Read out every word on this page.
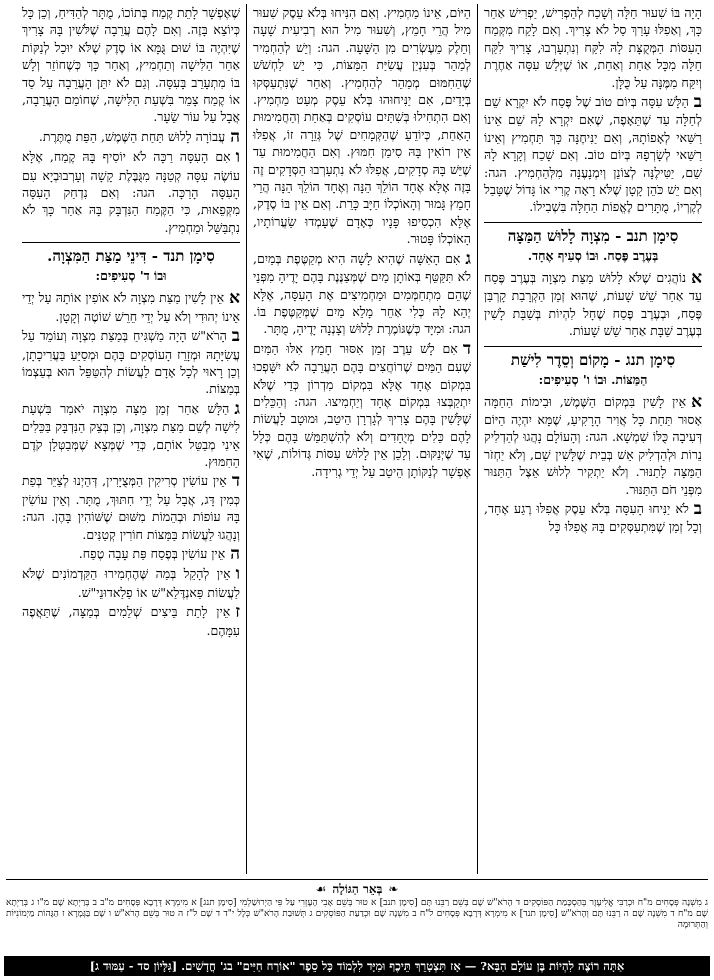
הָיָה בּוֹ שִׁעוּר חַלָּה וְשָׁכַח לְהַפְרִישׁ, יַפְרִישׁ אַחַר כָּךְ, וְאַפִלּוּ עָרַךְ סַל לֹא צָרִיךְ. וְאִם לָקַח מִקְּמַח הָעִסּוֹת הַמְּקֻצָּת לָהּ לִקַּח וְנִתְעָרְבוּ, צָרִיךְ לִקַּח חַלָּה מִכָּל אַחַת וְאַחַת, אוֹ שֶׁיְּלַשׁ עִסָּה אַחֶרֶת וְיִקַּח מִמֶּנָּה עַל כֻּלָּן.

בהַלָּשׁ עִסָּה בְּיוֹם טוֹב שֶׁל פֶּסַח לֹא יִקְרָא שֵׁם לְחַלָּה עַד שֶׁתֵּאָפֶה, שֶׁאִם יִקְרָא לָהּ שֵׁם אֵינוֹ רַשַּׁאי לְאָפוֹתָהּ, וְאִם יַנִּיחֶנָּה כָּךְ תַּחְמִיץ וְאֵינוֹ רַשַּׁאי לְשָׂרְפָהּ בְּיוֹם טוֹב. וְאִם שָׁכַח וְקָרָא לָהּ שֵׁם, יַטִּילֶנָּה לְצוֹנֵן וְיִמְנָעֶנָּה מִלְּהַחְמִיץ. הגה: וְאִם יֵשׁ כֹּהֵן קָטָן שֶׁלֹּא רָאָה קֶרִי אוֹ גָּדוֹל שֶׁטָּבַל לְקֶרְיוֹ, מֻתָּרִים לֶאֱפוֹת הַחַלָּה בִּשְׁבִילוֹ.

סִימָן תנב - מִצְוָה לָלוּשׁ הַמַּצָּה
בְּעֶרֶב פֶּסַח. וּבוֹ סְעִיף אֶחָד.

אנוֹהֲגִים שֶׁלֹּא לָלוּשׁ מַצַּת מִצְוָה בְּעֶרֶב פֶּסַח עַד אַחַר שֵׁשׁ שָׁעוֹת, שֶׁהוּא זְמַן הַקְרָבַת קָרְבַּן פֶּסַח, וּבְעֶרֶב פֶּסַח שֶׁחָל לִהְיוֹת בְּשַׁבָּת לָשִׁין בְּעֶרֶב שַׁבָּת אַחַר שֵׁשׁ שָׁעוֹת.

סִימָן תנג - מָקוֹם וְסֵדֶר לִישַׁת
הַמַּצּוֹת. וּבוֹ ו' סְעִיפִים:

אאֵין לָשִׁין בִּמְקוֹם הַשֶּׁמֶשׁ, וּבִימוֹת הַחַמָּה אָסוּר תַּחַת כָּל אֲוִיר הָרָקִיעַ, שֶׁמָּא יִהְיֶה הַיּוֹם דְּעִיבָה כֻּלּוֹ שִׁמְשָׁא. הגה: וְהָעוֹלָם נָהֲגוּ לְהַדְלִיק נֵרוֹת וּלְהַדְלִיק אֵשׁ בְּבֵית שֶׁלָּשִׁין שָׁם, וְלֹא יַחְזֹר הַמַּצָּה לָתַנּוּר. וְלֹא יַתְקִיר לְלוּשׁ אֵצֶל הַתַּנּוּר מִפְּנֵי חֹם הַתַּנּוּר.

בלֹא יַנִּיחוּ הָעִסָּה בְּלֹא עֵסֶק אֲפִלּוּ רֶגַע אֶחָד, וְכָל זְמַן שֶׁמִּתְעַסְּקִים בָּהּ אֲפִלּוּ כָּל

הַיּוֹם, אֵינוֹ מַחְמִיץ. וְאִם הִנִּיחוּ בְּלֹא עֵסֶק שִׁעוּר מִיל הֲרֵי חָמֵץ, וְשִׁעוּר מִיל הוּא רְבִיעִית שָׁעָה וְחֵלֶק מֵעֶשְׂרִים מִן הַשָּׁעָה. הגה: וְיֵשׁ לְהַחְמִיר לְמַהֵר בְּעִנְיַן עֲשִׂיַּת הַמַּצּוֹת, כִּי יֵשׁ לַחְשֹׁשׁ שֶׁהַחִמּוּם מְמַהֵר לְהַחְמִיץ. וְאַחַר שֶׁנִּתְעַסְּקוּ בְּיָדַיִם, אִם יַנִּיחוּהוּ בְּלֹא עֵסֶק מְעַט מַחְמִיץ. וְאִם הִתְחִילוּ בְּשִׁתַּיִם עוֹסְקִים בְּאַחַת וְהַחֲמִימוּת הָאַחַת, כְּיוֹדֵעַ שֶׁהַקְּמָחִים שֶׁל גְּזֵרָה זוֹ, אֲפִלּוּ אֵין רוֹאִין בָּהּ סִימַן חִמּוּץ. וְאִם הַחֲמִימוּת עַד שֶׁיֵּשׁ בָּהּ סְדָקִים, אֲפִלּוּ לֹא נִתְעָרְבוּ הַסְּדָקִים זֶה בָּזֶה אֶלָּא אֶחָד הוֹלֵךְ הֵנָּה וְאֶחָד הוֹלֵךְ הֵנָּה הֲרֵי חָמֵץ גָּמוּר וְהָאוֹכְלוֹ חַיָּב כָּרֵת. וְאִם אֵין בּוֹ סֶדֶק, אֶלָּא הִכְסִיפוּ פָּנָיו כְּאָדָם שֶׁעָמְדוּ שַׂעֲרוֹתָיו, הָאוֹכְלוֹ פָּטוּר.

גאִם הָאִשָּׁה שֶׁהִיא לָשָׁה הִיא מְקַטֶּפֶת בְּמַיִם, לֹא תִּקַּטֵּף בְּאוֹתָן מַיִם שֶׁמְּצַנֶּנֶת בָּהֶם יָדֶיהָ מִפְּנֵי שֶׁהֵם מִתְחַמְּמִים וּמַחְמִיצִים אֶת הָעִסָּה, אֶלָּא יְהֵא לָהּ כְּלִי אַחֵר מָלֵא מַיִם שֶׁמְּקַטֶּפֶת בּוֹ. הגה: וּמִיָּד כְּשֶׁגּוֹמֶרֶת לָלוּשׁ וְצָנְנָה יָדֶיהָ, מֻתָּר.

דאִם לָשׁ עֵרֶב זְמַן אִסּוּר חָמֵץ אִלּוּ הַמַּיִם שֶׁעִם הַמַּיִם שֶׁרוֹחֲצִים בָּהֶם הָעֲרֵבָה לֹא יִשָּׁפְכוּ בִּמְקוֹם אֶחָד אֶלָּא בִּמְקוֹם מִדְרוֹן כְּדֵי שֶׁלֹּא יִתְקַבְּצוּ בִּמְקוֹם אֶחָד וְיַחְמִיצוּ. הגה: וְהַכֵּלִים שֶׁלָּשִׁין בָּהֶם צָרִיךְ לְגָרְרָן הֵיטֵב, וּמוּטָב לָעֲשׂוֹת לָהֶם כֵּלִים מְיֻחָדִים וְלֹא לְהִשְׁתַּמֵּשׁ בָּהֶם כְּלָל עַד שֶׁיְּנַקּוּם. וְלָכֵן אֵין לָלוּשׁ עִסּוֹת גְּדוֹלוֹת, שֶׁאִי אֶפְשָׁר לְנַקּוֹתָן הֵיטֵב עַל יְדֵי גְרִידָה.

שֶׁאֶפְשָׁר לָתֵת קֶמַח בְּתוֹכוֹ, מֻתָּר לְהַדִּיחַ, וְכֵן כָּל כְּיוֹצֵא בָּזֶה. וְאִם לָהֶם עֲרֵבָה שֶׁלֹּשִׁין בָּהּ צָרִיךְ שֶׁיִּהְיֶה בּוֹ שׁוּם גֻּמָּא אוֹ סֶדֶק שֶׁלֹּא יוּכַל לְנַקּוֹת אַחַר הַלִּישָׁה וְתַחְמִיץ, וְאַחַר כָּךְ כְּשֶׁחוֹזֵר וְלָשׁ בּוֹ מִתְעָרֵב בָּעִסָּה. וְגַם לֹא יִתֵּן הָעֲרֵבָה עַל סַד אוֹ קֶמַח צָמֵר בִּשְׁעַת הַלִּישָׁה, שֶׁחוֹמֵם הָעֲרֵבָה, אֲבָל עַל עוֹר שֵׂעָר.

העֲבוֹרָה לָלוּשׁ תַּחַת הַשֶּׁמֶשׁ, הַפַּת מֻתֶּרֶת.

ואִם הָעִסָּה רַכָּה לֹא יוֹסִיף בָּהּ קֶמַח, אֶלָּא עוֹשֶׂה עִסָּה קְטַנָּה מִגֻּבֶּלֶת קָשָׁה וְעָרְבוּבְיָא עִם הָעִסָּה הָרַכָּה. הגה: וְאִם נִדְחַק הָעִסָּה מִקְּפֵאוּת, כִּי הַקֶּמַח הַנִּדְבָּק בָּהּ אַחַר כָּךְ לֹא נִתְבַּשֵּׁל וּמַחְמִיץ.

סִימָן תנד - דִּינֵי מַצַּת הַמִּצְוָה.
וּבוֹ ד' סְעִיפִים:

אאֵין לָשִׁין מַצַּת מִצְוָה לֹא אוֹפִין אוֹתָהּ עַל יְדֵי אֵינוֹ יְהוּדִי וְלֹא עַל יְדֵי חֵרֵשׁ שׁוֹטֶה וְקָטָן.

בהָרֹא"שׁ הָיָה מַשְׁגִּיחַ בְּמַצַּת מִצְוָה וְעוֹמֵד עַל עֲשִׂיָּתָהּ וּמְזָרֵז הָעוֹסְקִים בָּהֶם וּמְסַיֵּעַ בַּעֲרִיכָתָן, וְכֵן רָאוּי לְכָל אָדָם לַעֲשׂוֹת לְהִטַּפֵּל הוּא בְּעַצְמוֹ בְּמַצּוֹת.

גהַלָּשׁ אַחַר זְמַן מַצָּה מִצְוָה יֹאמַר בִּשְׁעַת לִישָׁה לְשֵׁם מַצַּת מִצְוָה, וְכֵן בְּצֵק הַנִּדְבָּק בַּכֵּלִים אֵינִי מְבַטֵּל אוֹתָם, כְּדֵי שֶׁמְּצָא שֶׁמְּבַטְּלָן קֹדֶם הַחִמּוּץ.

דאֵין עוֹשִׂין סְרִיקִין הַמְּצֻיָּרִין, דְּהַיְנוּ לְצַיֵּר בְּפַת כְּמִין דָּג, אֲבָל עַל יְדֵי חִתּוּךְ, מֻתָּר. וְאֵין עוֹשִׂין בָּהּ עוֹפוֹת וּבְהֵמוֹת מִשּׁוּם שֶׁשּׁוֹהִין בָּהֶן. הגה: וְנָהֲגוּ לַעֲשׂוֹת בַּמַּצּוֹת חוֹרִין קְטַנִּים.

האֵין עוֹשִׂין בְּפֶסַח פַּת עָבָה טֶפַח.

ואֵין לְהָקֵל בְּמַה שֶּׁהֶחְמִירוּ הַקַּדְמוֹנִים שֶׁלֹּא לַעֲשׂוֹת פַּאנְדֶּלַא"שׁ אוֹ פַלַאדוּנֵי"שׁ.

זאֵין לָתֵת בֵּיצִים שְׁלֵמִים בְּמַצָּה, שֶׁתַּאֲפֶה עִמָּהֶם.

❧בְּאֵר הַגּוֹלָה☙
ג מִשְׁנָה פְּסָחִים מ"ח וּכְרַבִּי אֱלִיעֶזֶר בְּהַסְכָּמַת הַפּוֹסְקִים ד הָרֹא"שׁ שָׁם בְּשֵׁם רַבֵּנוּ תָּם [סִימָן תנב] א טוּר בְּשֵׁם אָבִי הָעֶזְרִי עַל פִּי הַיְרוּשַׁלְמִי [סִימָן תנג] א מִימְרָא דְּרָבָא פְּסָחִים מ"ב ב בְּרַיְתָא שָׁם מ"ו ג בְּרַיְתָא שָׁם מ"ח ד מִשְׁנָה שָׁם ה רַבֵּנוּ תָּם וְהָרֹא"שׁ [סִימָן תנד] א מִימְרָא דְּרָבָא פְּסָחִים ל"ח ב מִשְׁנָה שָׁם וּכְדַעַת הַפּוֹסְקִים ג תְּשׁוּבַת הָרֹא"שׁ כְּלָל י"ד ד שָׁם ל"ז ה טוּר בְּשֵׁם הָרֹא"שׁ ו שָׁם בַּגְּמָרָא ז הַגָּהוֹת מַיְמוֹנִיּוֹת וְהַתְּרוּמָה
אַתָּה רוֹצֶה לִהְיוֹת בֶּן עוֹלָם הַבָּא? — אָז תִּצְטָרֵךְ תֵּיכֶף וּמִיָּד לִלְמוֹד כָּל סֵפֶר "אוֹרַח חַיִּים" בג' חֳדָשִׁים. [גִּלָּיוֹן סד - עַמּוּד ג]
